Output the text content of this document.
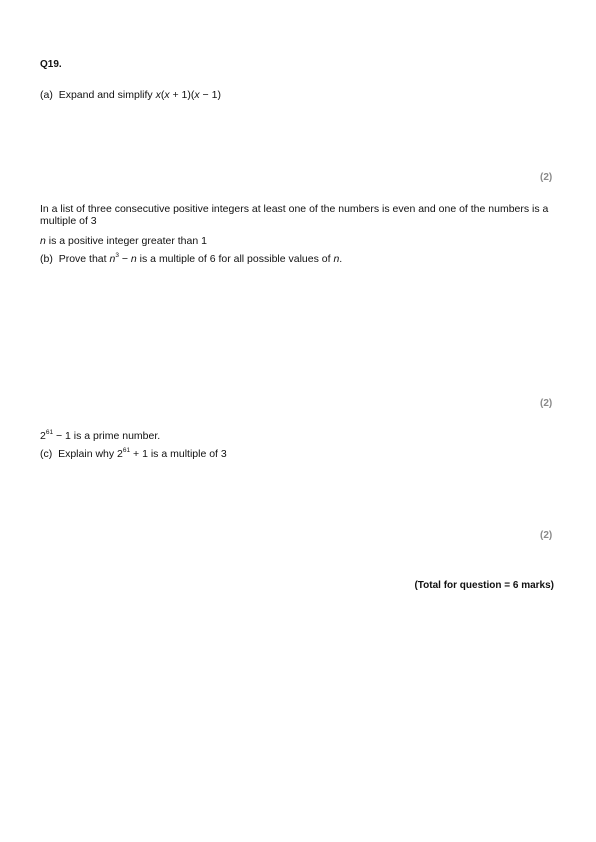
Q19.
(a) Expand and simplify x(x + 1)(x − 1)
(2)
In a list of three consecutive positive integers at least one of the numbers is even and one of the numbers is a multiple of 3
n is a positive integer greater than 1
(b) Prove that $n^3 - n$ is a multiple of 6 for all possible values of n.
(2)
$2^{61} - 1$ is a prime number.
(c) Explain why $2^{61} + 1$ is a multiple of 3
(2)
(Total for question = 6 marks)
